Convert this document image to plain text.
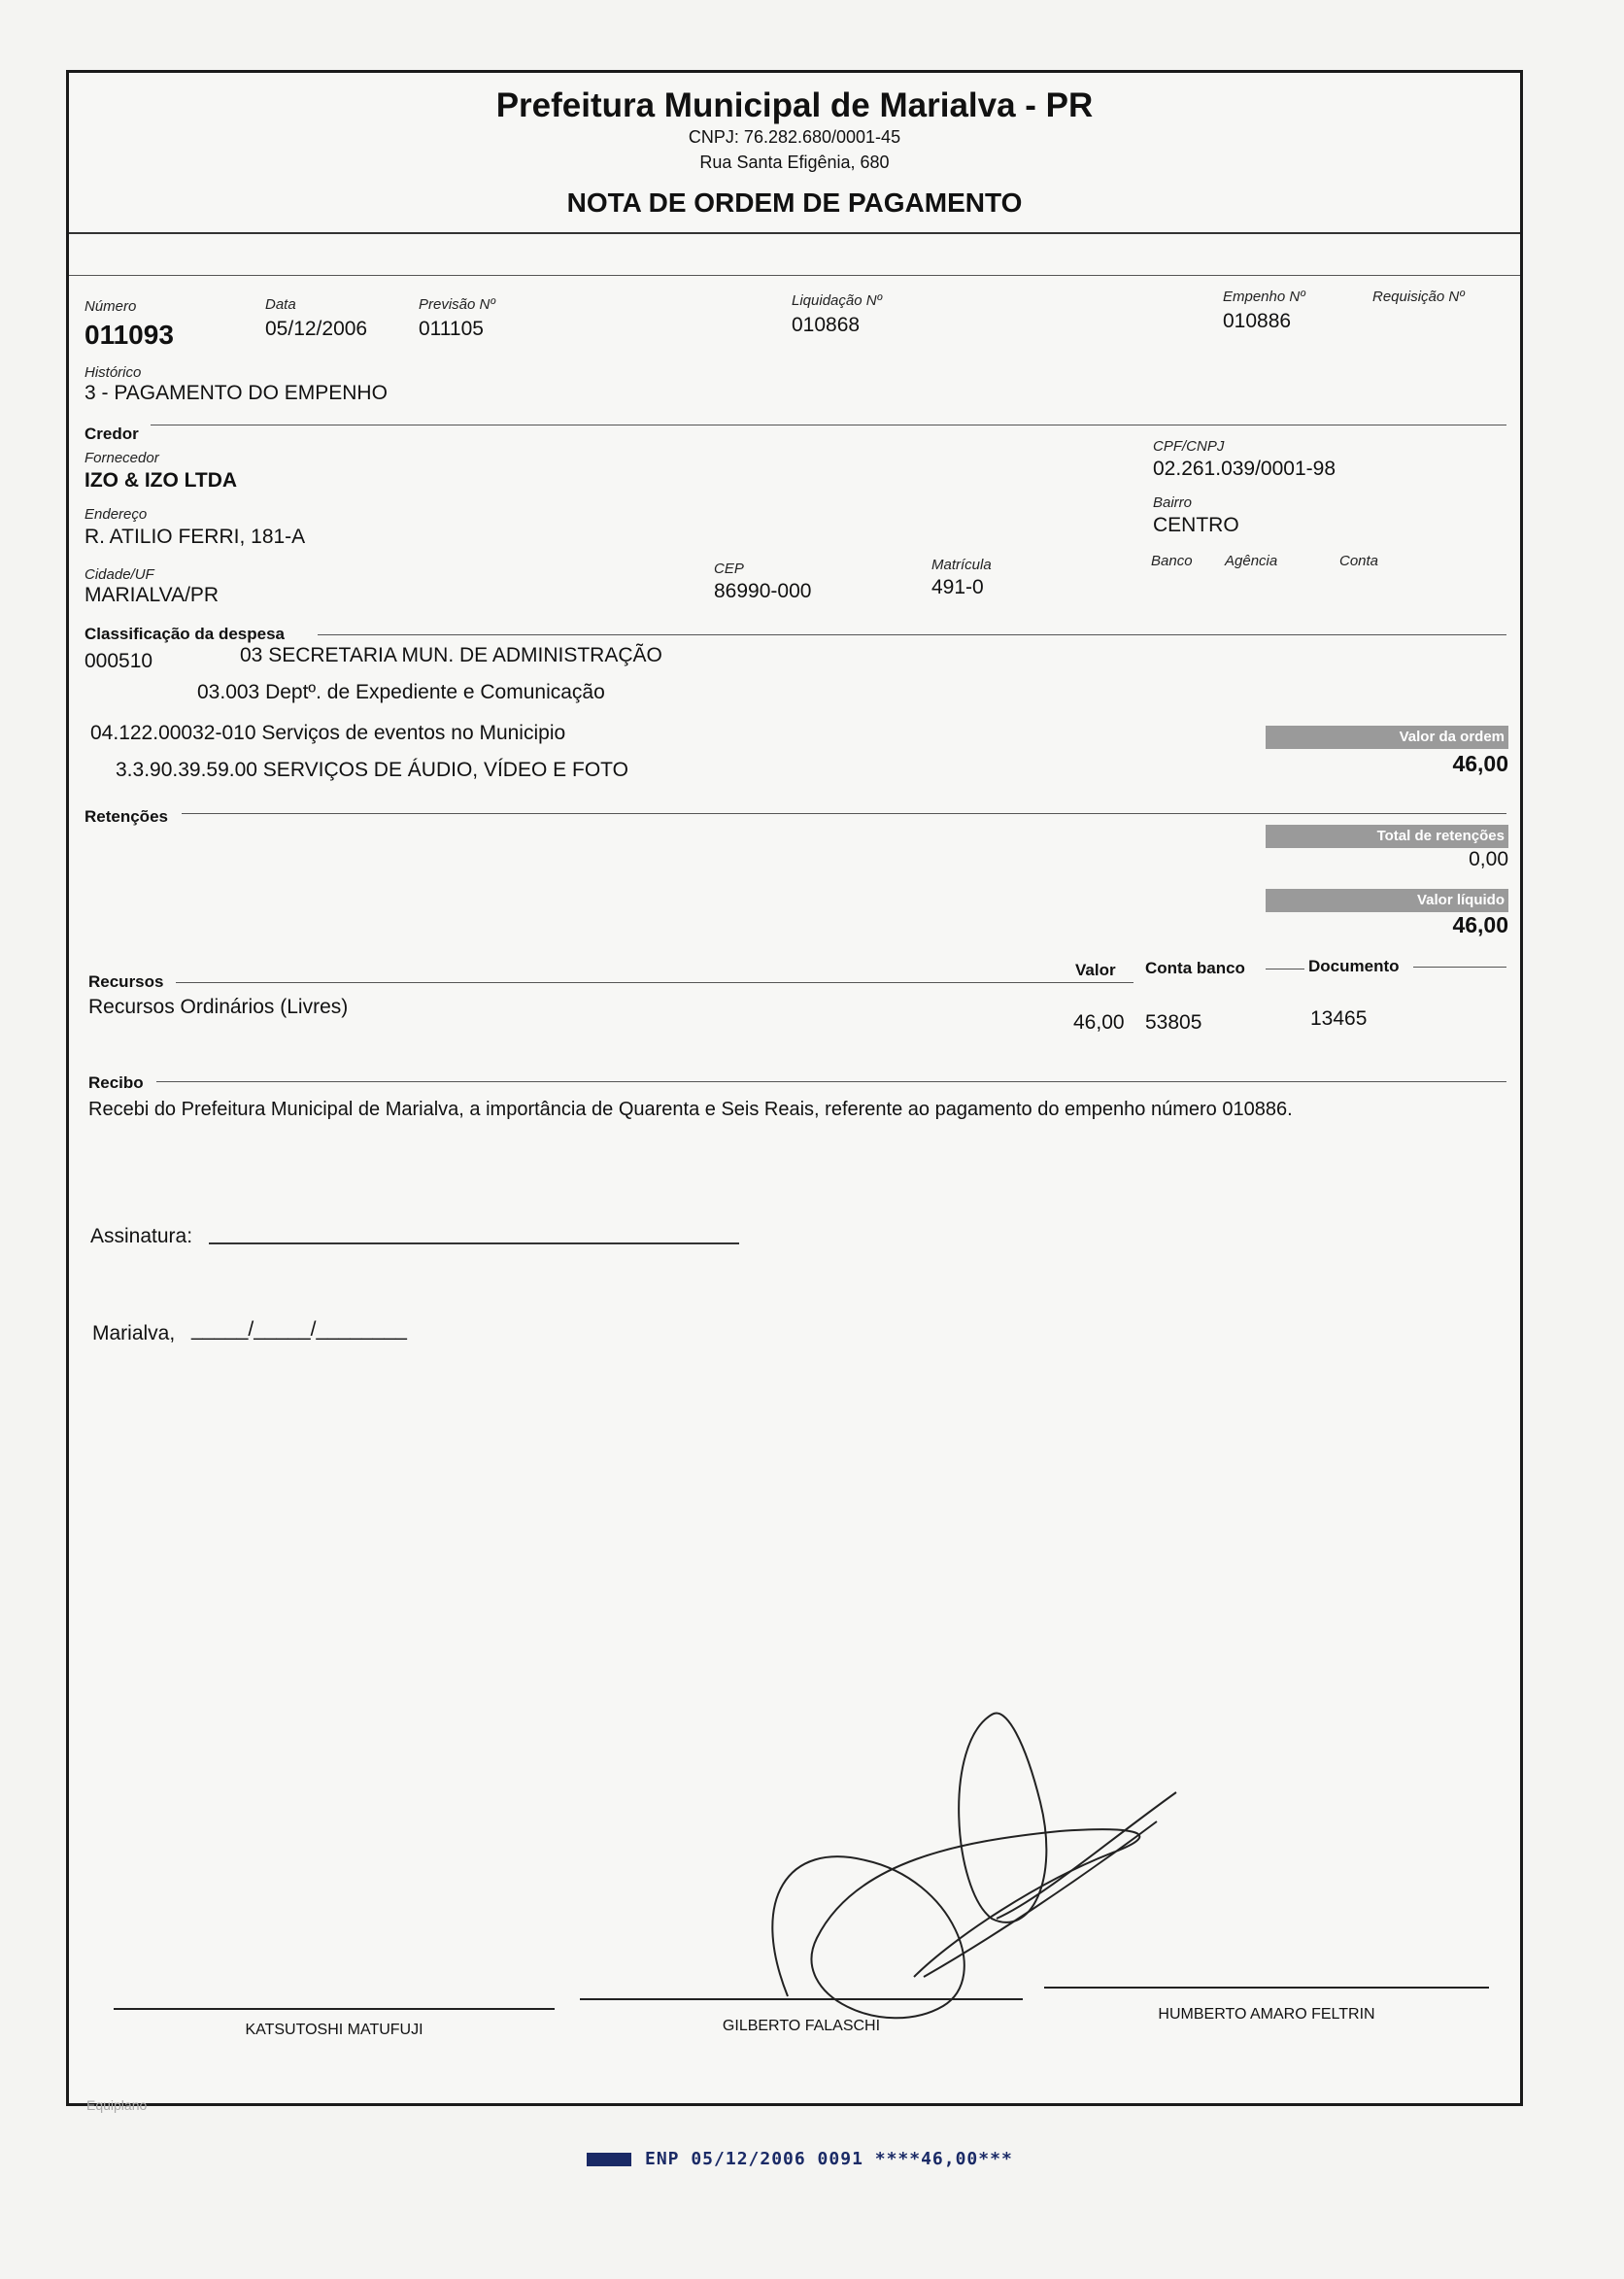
Prefeitura Municipal de Marialva - PR
CNPJ: 76.282.680/0001-45
Rua Santa Efigênia, 680
NOTA DE ORDEM DE PAGAMENTO
Número
011093
Data
05/12/2006
Previsão Nº
011105
Liquidação Nº
010868
Empenho Nº
010886
Requisição Nº
Histórico
3 - PAGAMENTO DO EMPENHO
Credor
Fornecedor
IZO & IZO LTDA
CPF/CNPJ
02.261.039/0001-98
Endereço
R. ATILIO FERRI, 181-A
Bairro
CENTRO
Cidade/UF
MARIALVA/PR
CEP
86990-000
Matrícula
491-0
Banco Agência	Conta
Classificação da despesa
000510	03 SECRETARIA MUN. DE ADMINISTRAÇÃO
03.003 Deptº. de Expediente e Comunicação
04.122.00032-010 Serviços de eventos no Municipio
3.3.90.39.59.00 SERVIÇOS DE ÁUDIO, VÍDEO E FOTO
Valor da ordem
46,00
Retenções
Total de retenções
0,00
Valor líquido
46,00
Recursos
Valor Conta banco	Documento
Recursos Ordinários (Livres)
46,00 53805	13465
Recibo
Recebi do Prefeitura Municipal de Marialva, a importância de Quarenta e Seis Reais, referente ao pagamento do empenho número 010886.
Assinatura:
Marialva, _____/_____/________
KATSUTOSHI MATUFUJI	GILBERTO FALASCHI
HUMBERTO AMARO FELTRIN
Equiplano
ENP 05/12/2006 0091 ****46,00***
